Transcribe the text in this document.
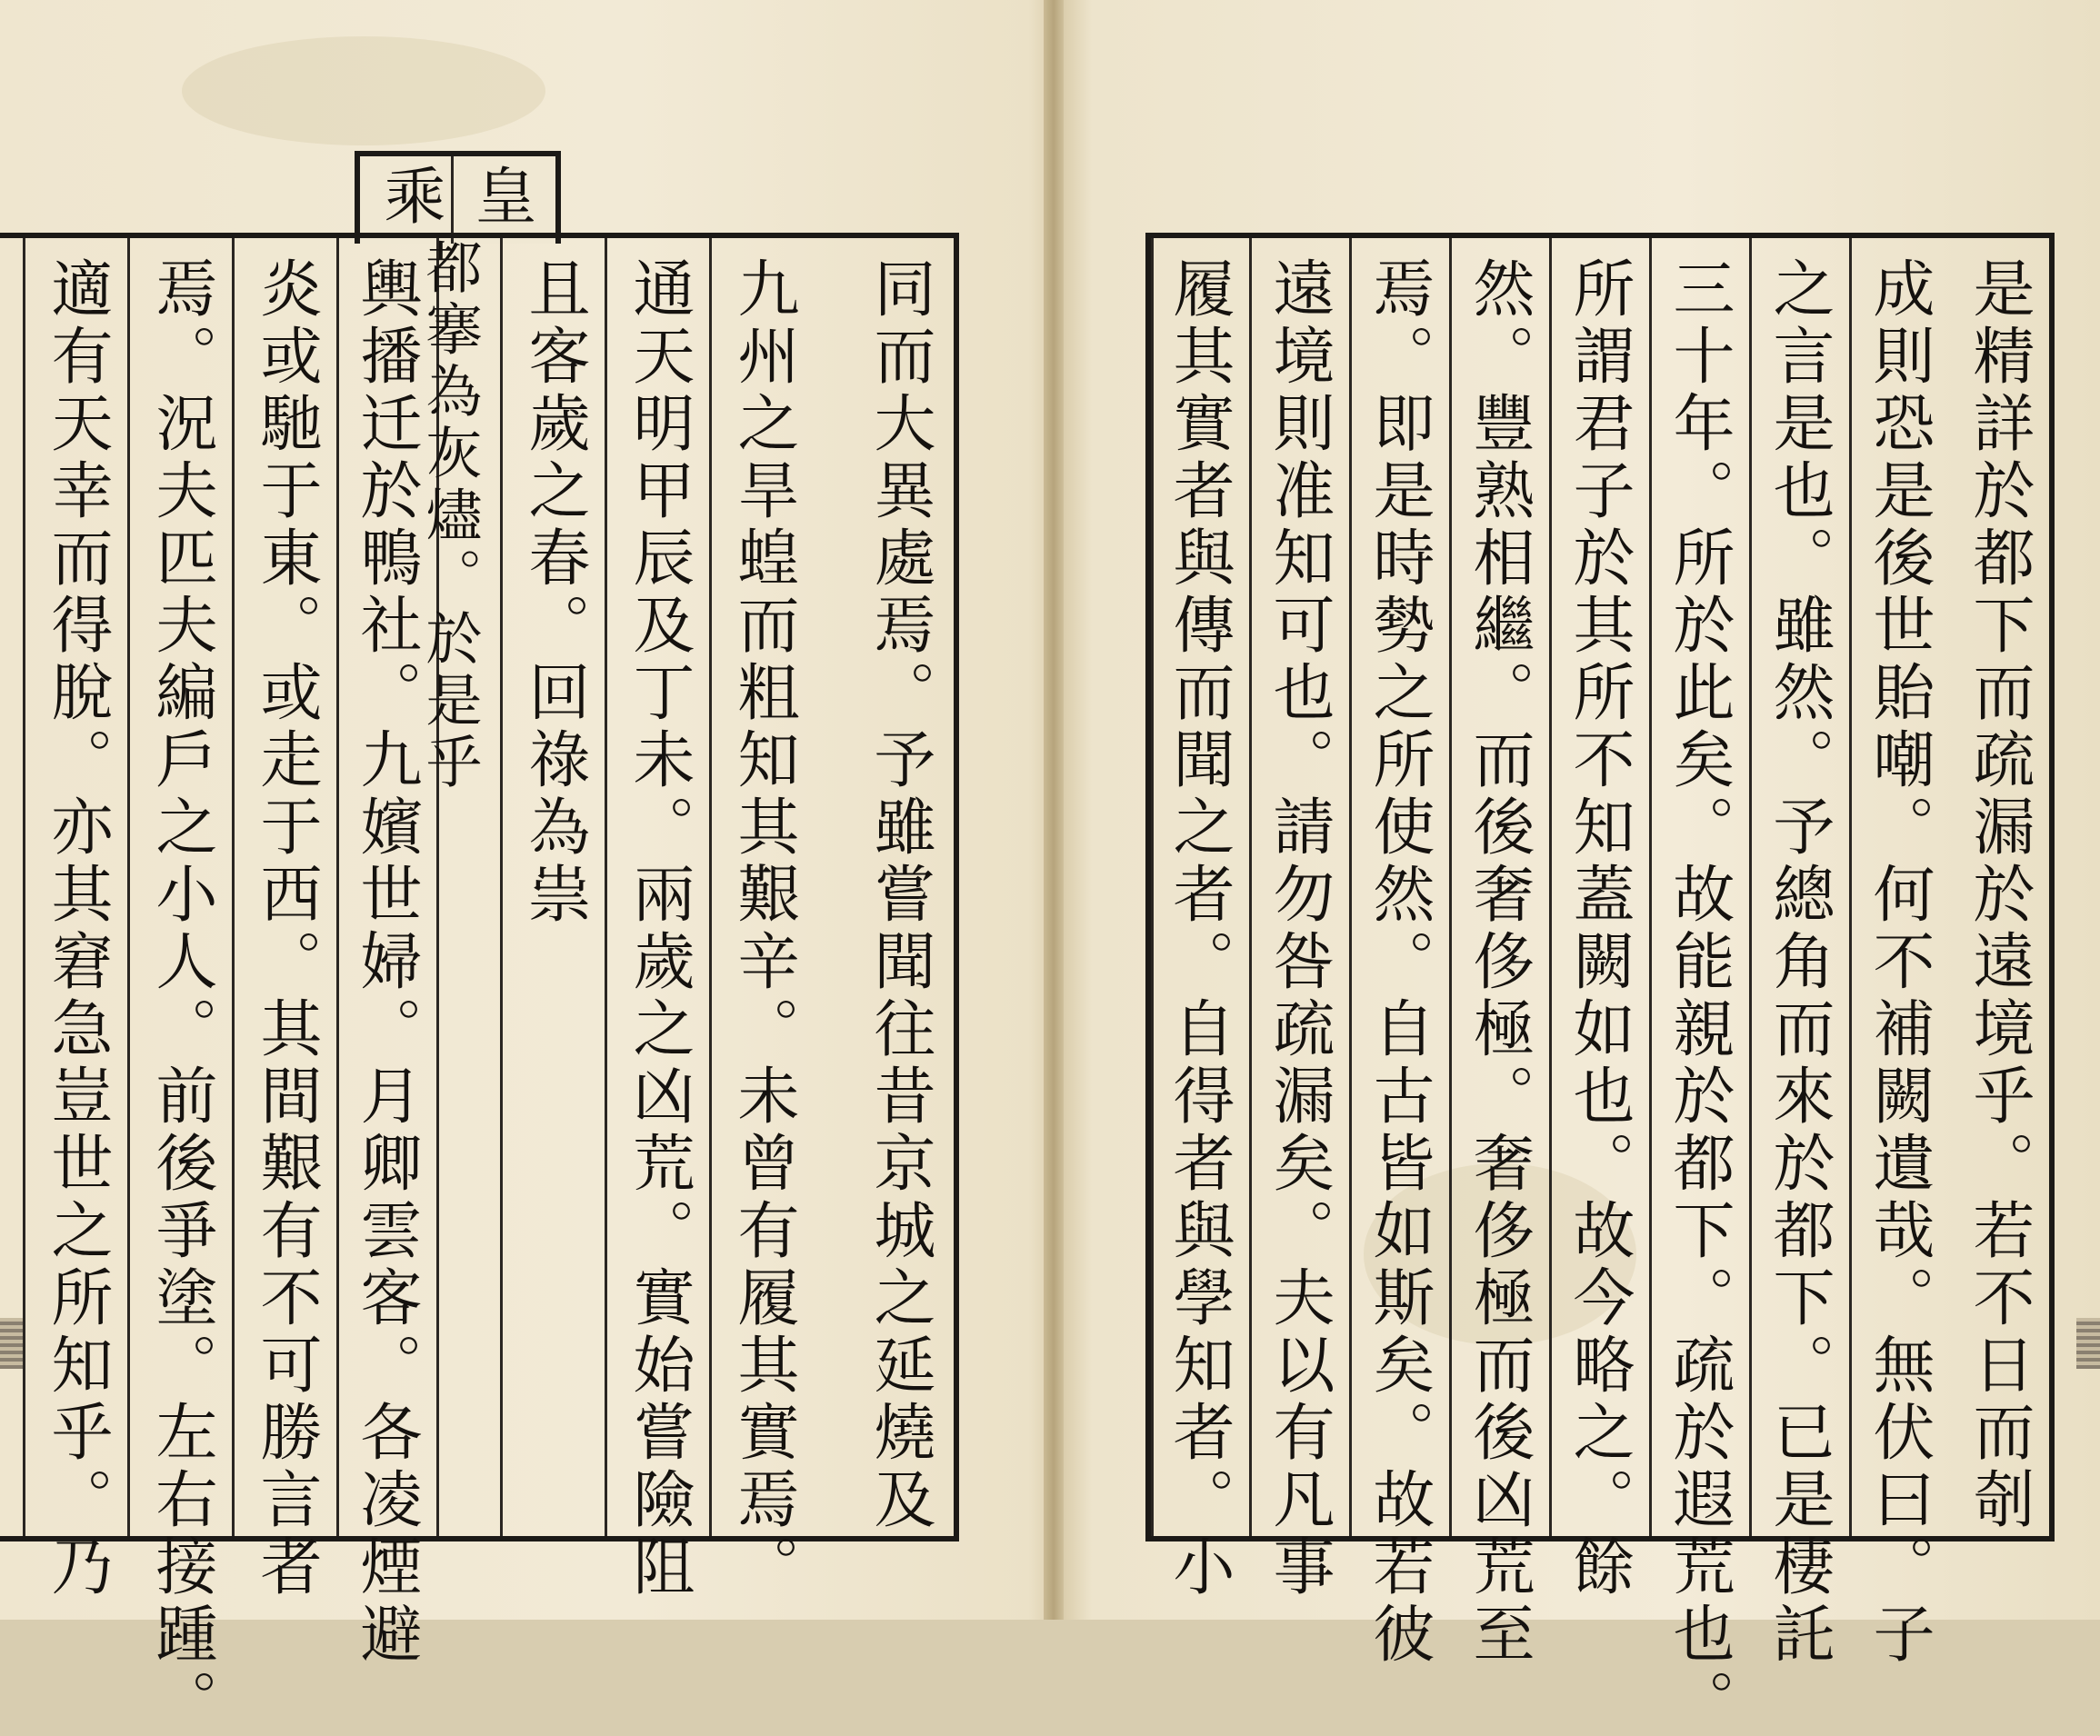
同而大異處焉。予雖嘗聞往昔京城之延燒及
九州之旱蝗而粗知其艱辛。未曾有履其實焉。
通天明甲辰及丁未。兩歲之凶荒。實始嘗險阻
且客歲之春。回祿為祟
都搴為灰燼。於是乎
輿播迁於鴨社。九嬪世婦。月卿雲客。各凌煙避
炎或馳于東。或走于西。其間艱有不可勝言者
焉。況夫匹夫編戶之小人。前後爭塗。左右接踵。
適有天幸而得脫。亦其窘急豈世之所知乎。乃
皇
乘
是精詳於都下而疏漏於遠境乎。若不日而剞
成則恐是後世貽嘲。何不補闕遺哉。無伏曰。子
之言是也。雖然。予總角而來於都下。已是棲託
三十年。所於此矣。故能親於都下。疏於遐荒也。
所謂君子於其所不知蓋闕如也。故今略之。餘
然。豐熟相繼。而後奢侈極。奢侈極而後凶荒至
焉。即是時勢之所使然。自古皆如斯矣。故若彼
遠境則准知可也。請勿咎疏漏矣。夫以有凡事
履其實者與傳而聞之者。自得者與學知者。小
